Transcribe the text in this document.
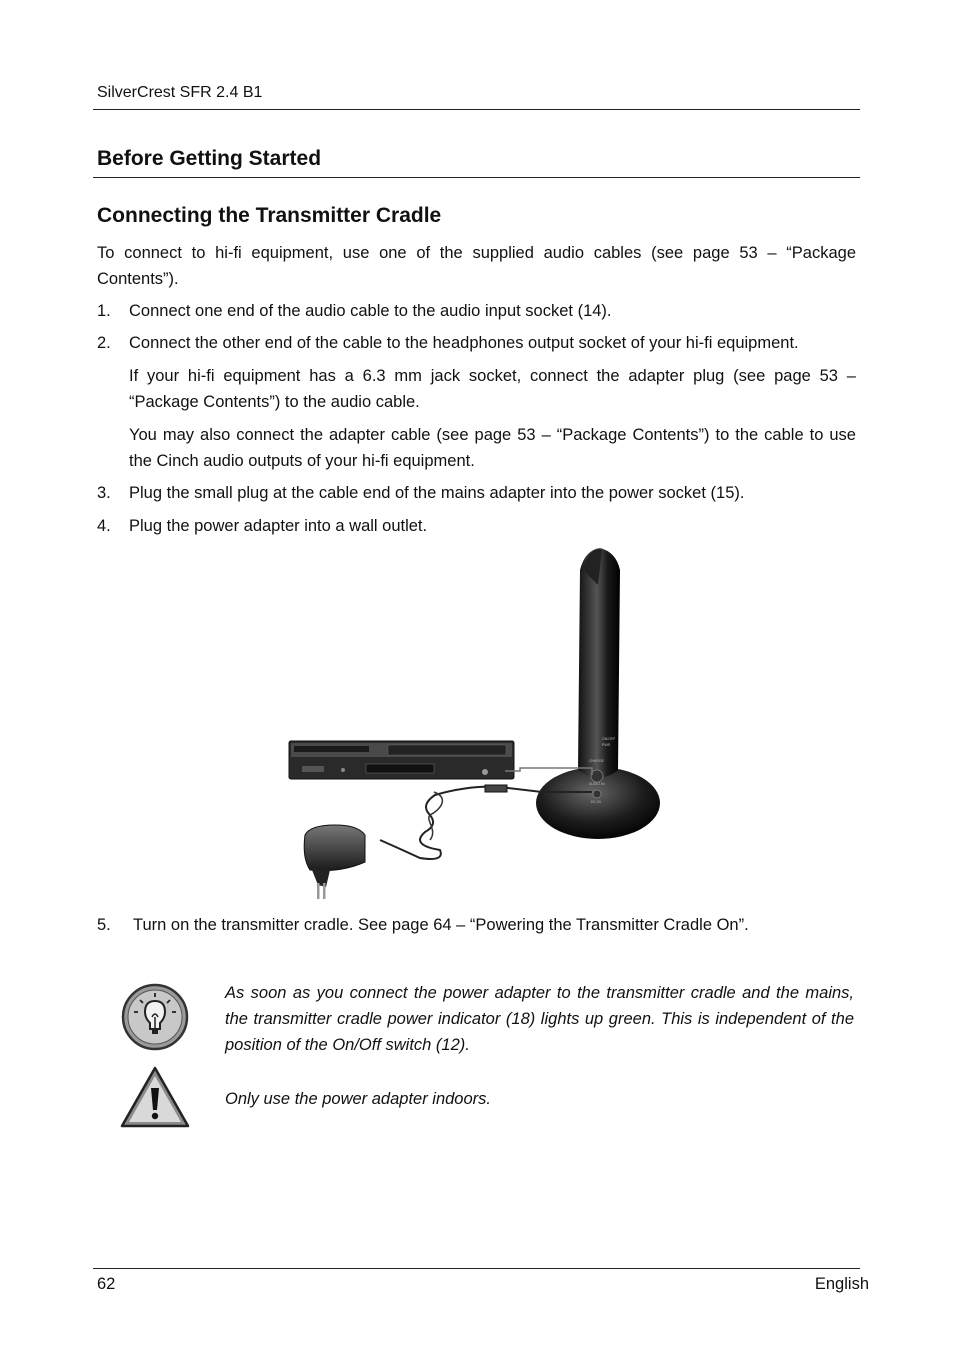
SilverCrest SFR 2.4 B1
Before Getting Started
Connecting the Transmitter Cradle
To connect to hi-fi equipment, use one of the supplied audio cables (see page 53 – “Package Contents”).
1. Connect one end of the audio cable to the audio input socket (14).
2. Connect the other end of the cable to the headphones output socket of your hi-fi equipment.
If your hi-fi equipment has a 6.3 mm jack socket, connect the adapter plug (see page 53 – “Package Contents”) to the audio cable.
You may also connect the adapter cable (see page 53 – “Package Contents”) to the cable to use the Cinch audio outputs of your hi-fi equipment.
3. Plug the small plug at the cable end of the mains adapter into the power socket (15).
4. Plug the power adapter into a wall outlet.
ON/OFF
PWR
CHARGE
AUDIO IN
DC 5V
5. Turn on the transmitter cradle. See page 64 – “Powering the Transmitter Cradle On”.
As soon as you connect the power adapter to the transmitter cradle and the mains, the transmitter cradle power indicator (18) lights up green. This is independent of the position of the On/Off switch (12).
Only use the power adapter indoors.
62	English
